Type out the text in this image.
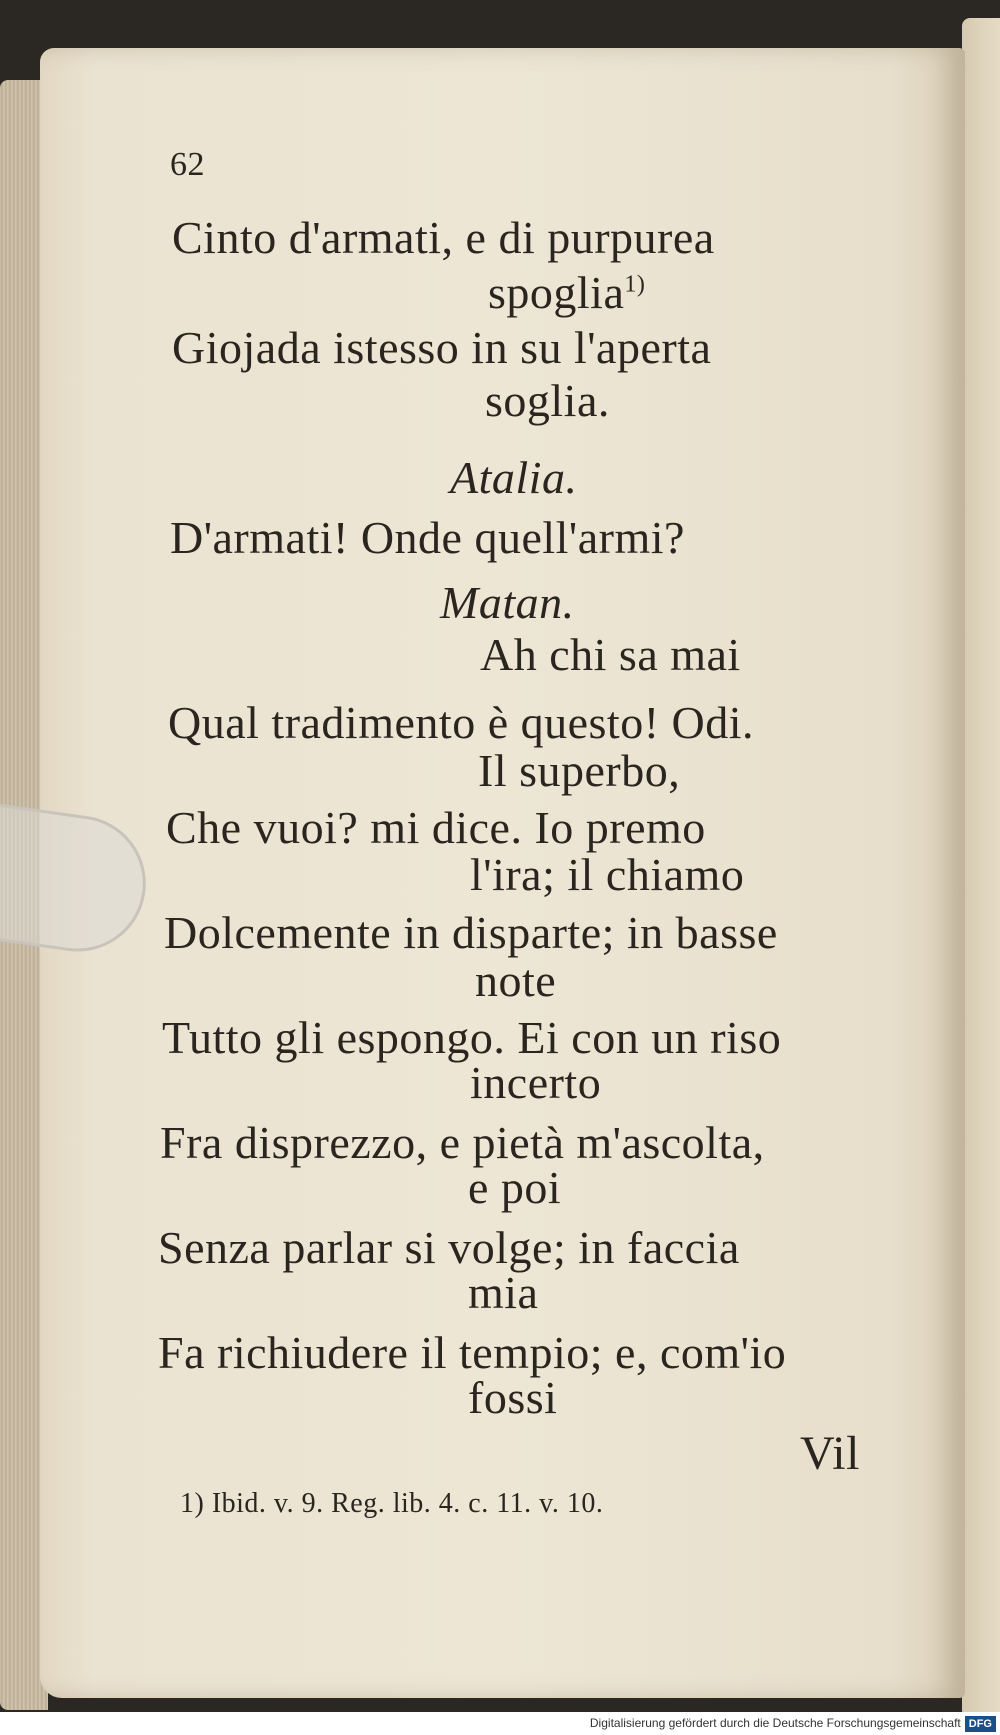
62
Cinto d'armati, e di purpurea
spoglia$^{1)}$
Giojada istesso in su l'aperta
soglia.
Atalia.
D'armati! Onde quell'armi?
Matan.
Ah chi sa mai
Qual tradimento è questo! Odi.
Il superbo,
Che vuoi? mi dice. Io premo
l'ira; il chiamo
Dolcemente in disparte; in basse
note
Tutto gli espongo. Ei con un riso
incerto
Fra disprezzo, e pietà m'ascolta,
e poi
Senza parlar si volge; in faccia
mia
Fa richiudere il tempio; e, com'io
fossi
Vil
1) Ibid. v. 9. Reg. lib. 4. c. 11. v. 10.
Digitalisierung gefördert durch die Deutsche Forschungsgemeinschaft DFG
